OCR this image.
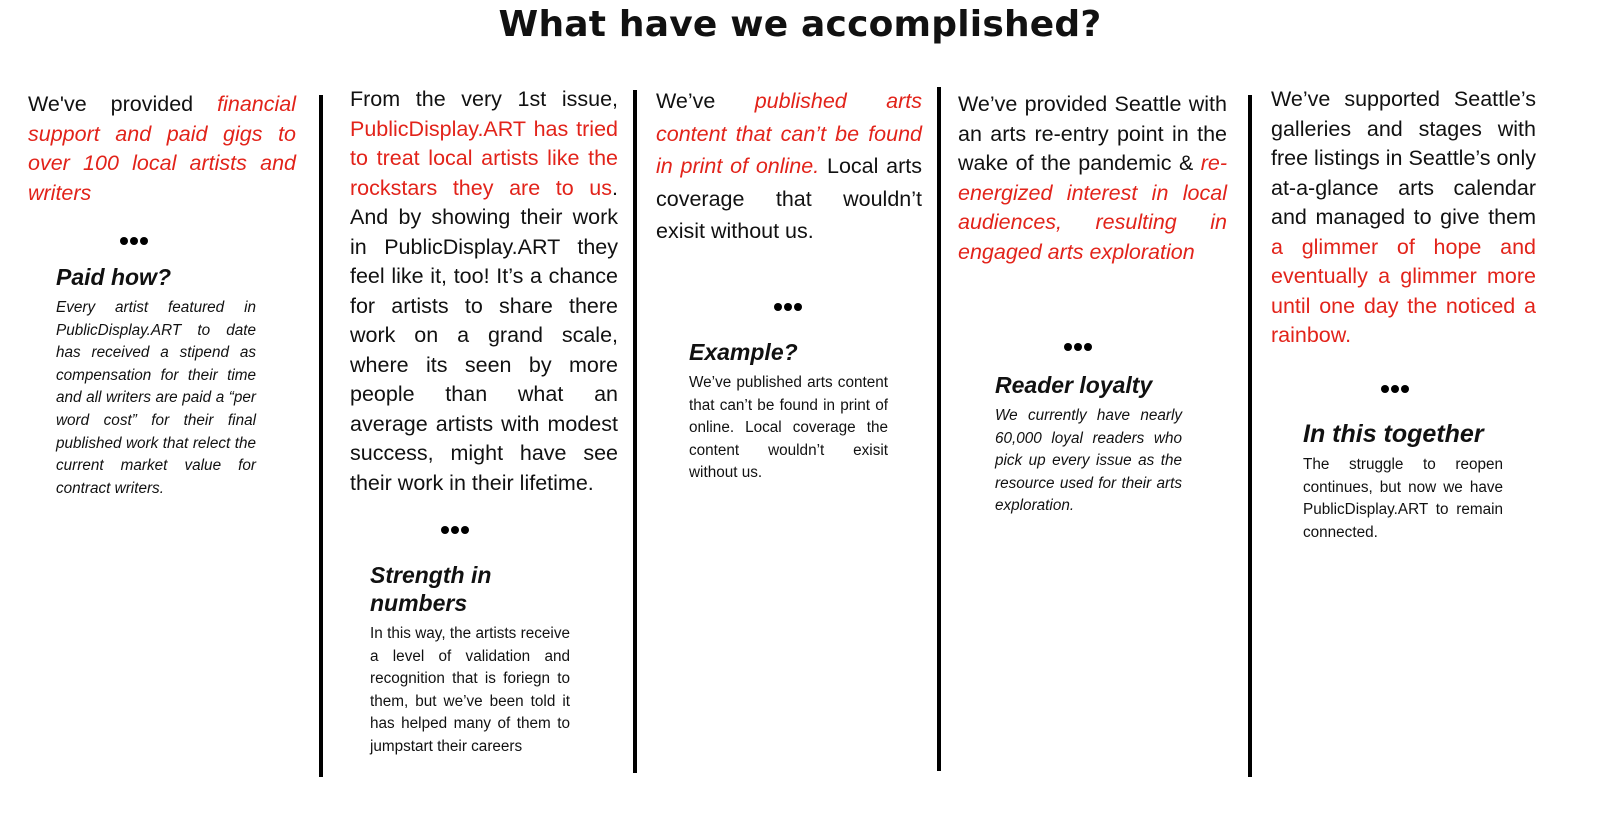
What have we accomplished?

We've provided financial support and paid gigs to over 100 local artists and writers

Paid how?

Every artist featured in PublicDisplay.ART to date has received a stipend as compensation for their time and all writers are paid a “per word cost” for their final published work that relect the current market value for contract writers.

From the very 1st issue, PublicDisplay.ART has tried to treat local artists like the rockstars they are to us. And by showing their work in PublicDisplay.ART they feel like it, too! It’s a chance for artists to share there work on a grand scale, where its seen by more people than what an average artists with modest success, might have see their work in their lifetime.

Strength in numbers

In this way, the artists receive a level of validation and recognition that is foriegn to them, but we’ve been told it has helped many of them to jumpstart their careers

We’ve published arts content that can’t be found in print of online. Local arts coverage that wouldn’t exisit without us.

Example?

We’ve published arts content that can’t be found in print of online. Local coverage the content wouldn’t exisit without us.

We’ve provided Seattle with an arts re-entry point in the wake of the pandemic & re-energized interest in local audiences, resulting in engaged arts exploration

Reader loyalty

We currently have nearly 60,000 loyal readers who pick up every issue as the resource used for their arts exploration.

We’ve supported Seattle’s galleries and stages with free listings in Seattle’s only at-a-glance arts calendar and managed to give them a glimmer of hope and eventually a glimmer more until one day the noticed a rainbow.

In this together

The struggle to reopen continues, but now we have PublicDisplay.ART to remain connected.
